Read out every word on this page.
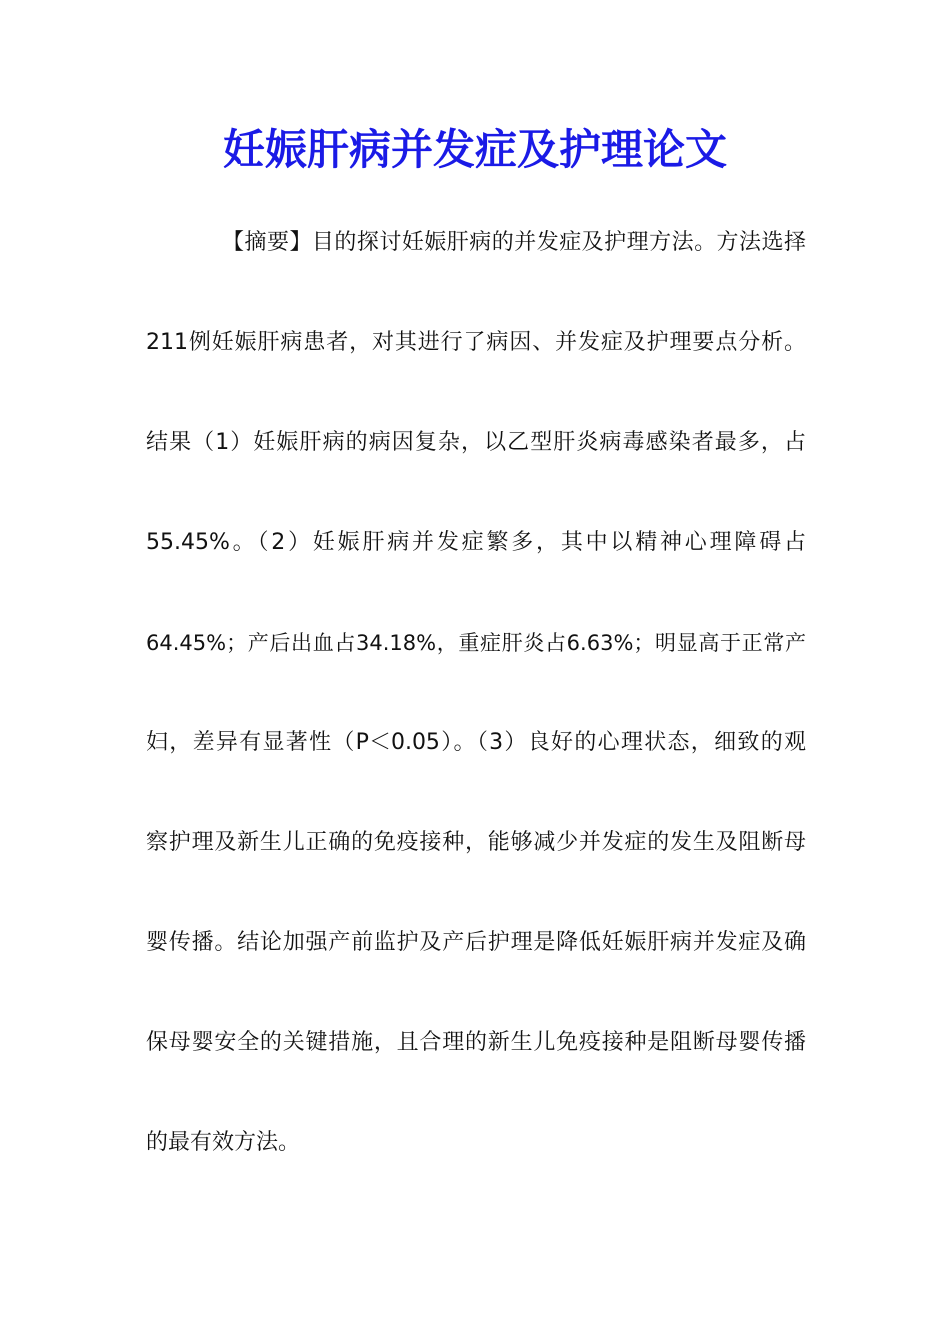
妊娠肝病并发症及护理论文
【摘要】目的探讨妊娠肝病的并发症及护理方法。方法选择
211例妊娠肝病患者，对其进行了病因、并发症及护理要点分析。
结果（1）妊娠肝病的病因复杂，以乙型肝炎病毒感染者最多，占
55.45%。（2）妊娠肝病并发症繁多，其中以精神心理障碍占
64.45%；产后出血占34.18%，重症肝炎占6.63%；明显高于正常产
妇，差异有显著性（P＜0.05）。（3）良好的心理状态，细致的观
察护理及新生儿正确的免疫接种，能够减少并发症的发生及阻断母
婴传播。结论加强产前监护及产后护理是降低妊娠肝病并发症及确
保母婴安全的关键措施，且合理的新生儿免疫接种是阻断母婴传播
的最有效方法。
